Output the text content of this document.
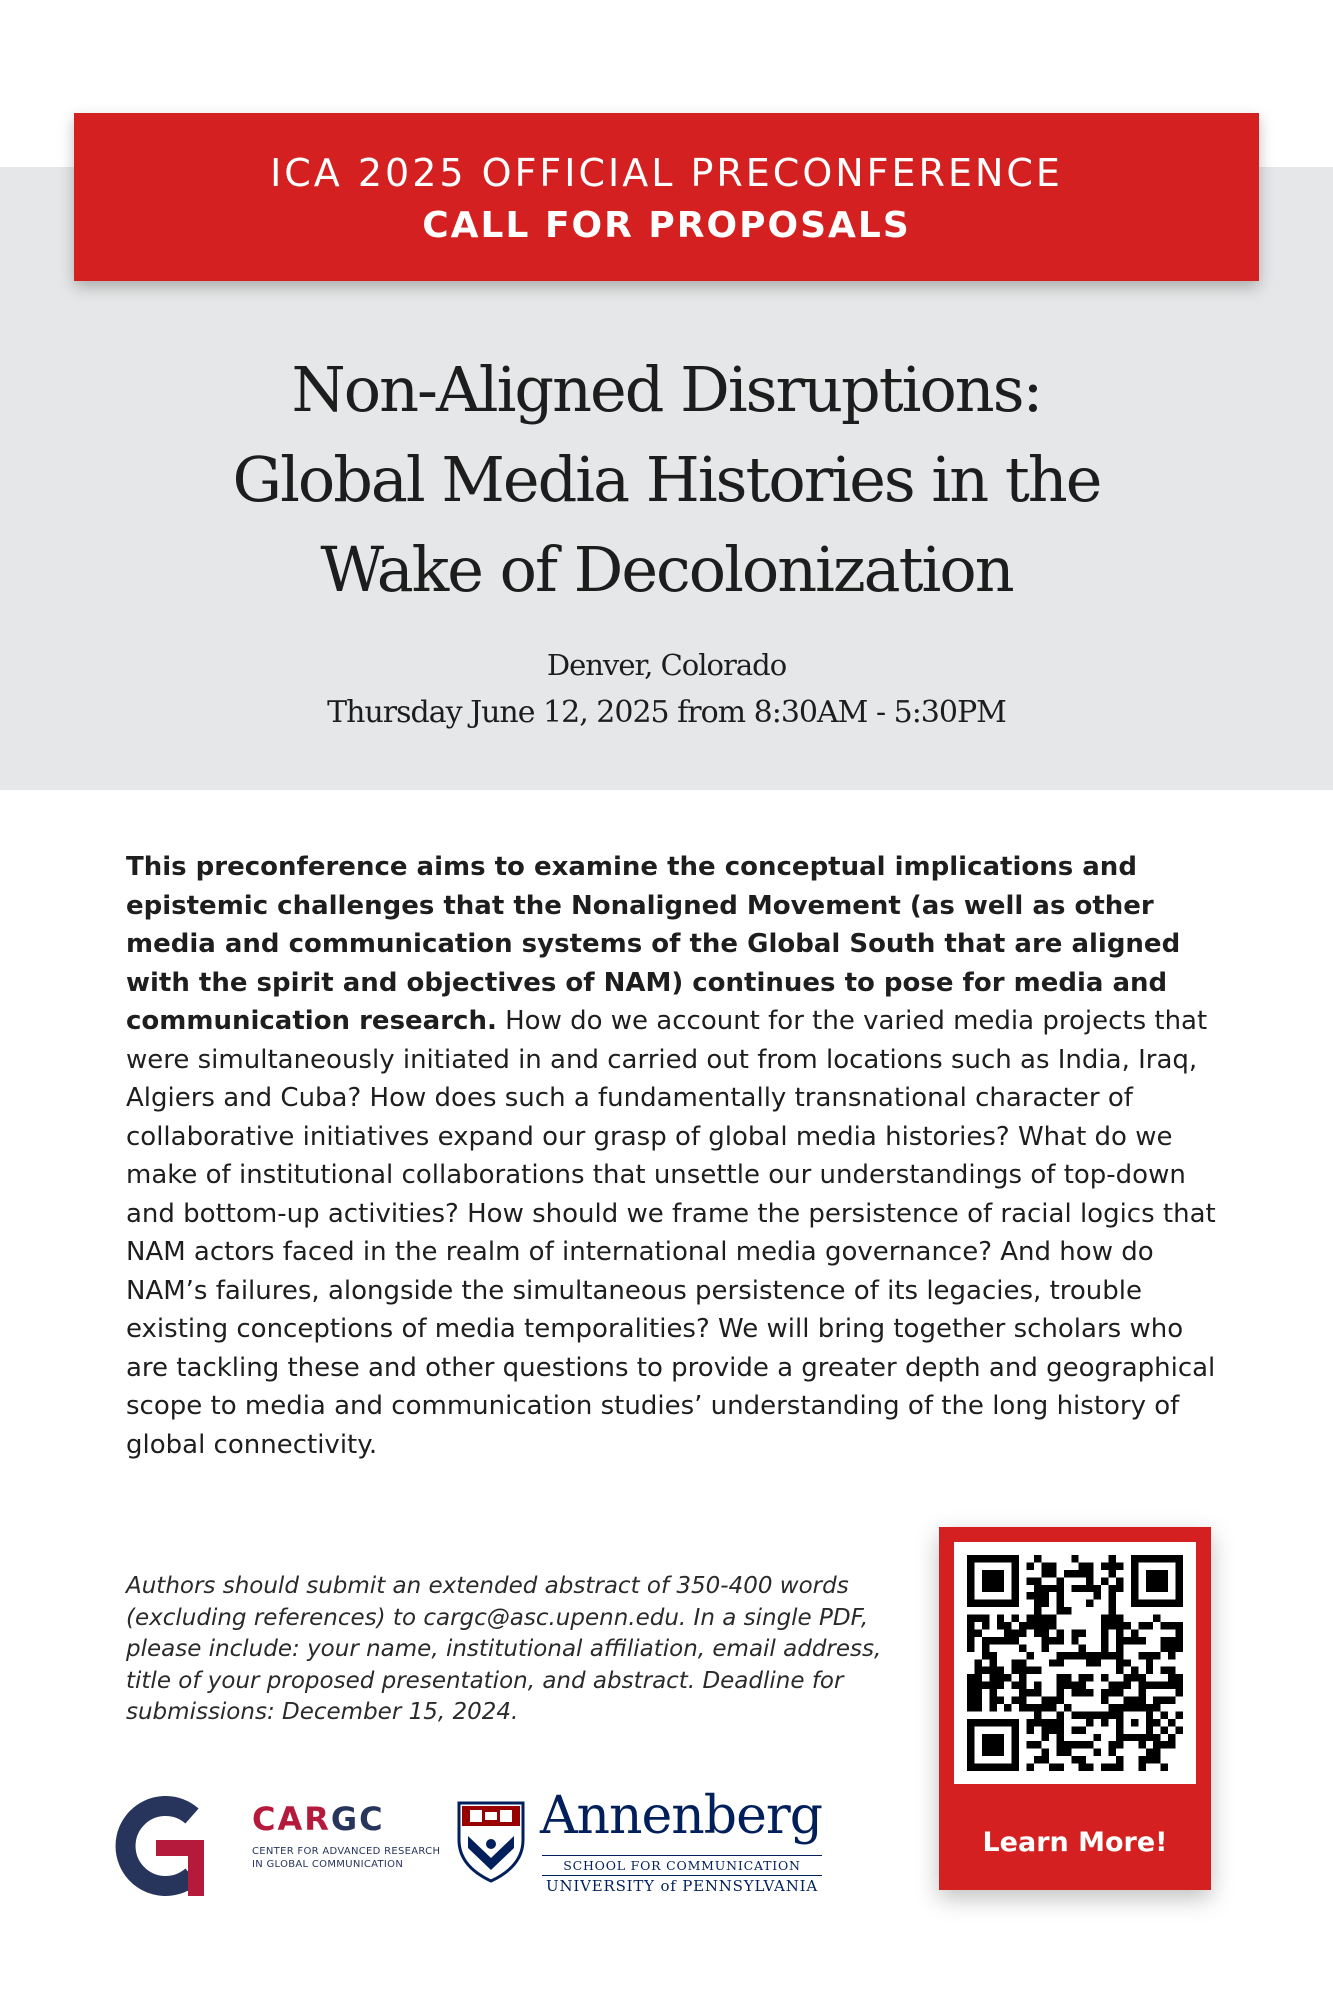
ICA 2025 OFFICIAL PRECONFERENCE
CALL FOR PROPOSALS
Non-Aligned Disruptions:
Global Media Histories in the
Wake of Decolonization
Denver, Colorado
Thursday June 12, 2025 from 8:30AM - 5:30PM

This preconference aims to examine the conceptual implications and epistemic challenges that the Nonaligned Movement (as well as other media and communication systems of the Global South that are aligned with the spirit and objectives of NAM) continues to pose for media and communication research. How do we account for the varied media projects that were simultaneously initiated in and carried out from locations such as India, Iraq, Algiers and Cuba? How does such a fundamentally transnational character of collaborative initiatives expand our grasp of global media histories? What do we make of institutional collaborations that unsettle our understandings of top-down and bottom-up activities? How should we frame the persistence of racial logics that NAM actors faced in the realm of international media governance? And how do NAM’s failures, alongside the simultaneous persistence of its legacies, trouble existing conceptions of media temporalities? We will bring together scholars who are tackling these and other questions to provide a greater depth and geographical scope to media and communication studies’ understanding of the long history of global connectivity.

Authors should submit an extended abstract of 350-400 words (excluding references) to cargc@asc.upenn.edu. In a single PDF, please include: your name, institutional affiliation, email address, title of your proposed presentation, and abstract. Deadline for submissions: December 15, 2024.

CARGC
CENTER FOR ADVANCED RESEARCH IN GLOBAL COMMUNICATION
Annenberg
SCHOOL FOR COMMUNICATION
UNIVERSITY of PENNSYLVANIA
Learn More!
